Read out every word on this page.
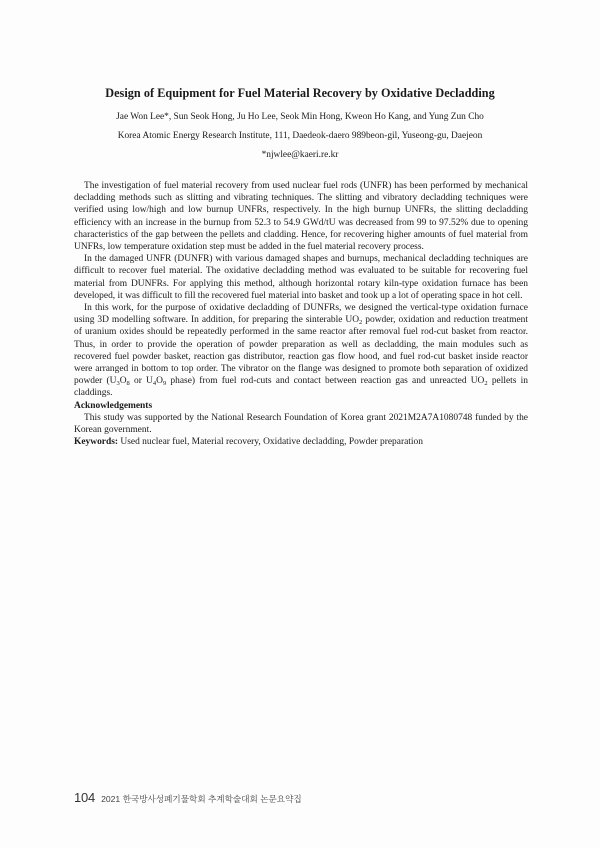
Design of Equipment for Fuel Material Recovery by Oxidative Decladding
Jae Won Lee*, Sun Seok Hong, Ju Ho Lee, Seok Min Hong, Kweon Ho Kang, and Yung Zun Cho
Korea Atomic Energy Research Institute, 111, Daedeok-daero 989beon-gil, Yuseong-gu, Daejeon
*njwlee@kaeri.re.kr

The investigation of fuel material recovery from used nuclear fuel rods (UNFR) has been performed by mechanical decladding methods such as slitting and vibrating techniques. The slitting and vibratory decladding techniques were verified using low/high and low burnup UNFRs, respectively. In the high burnup UNFRs, the slitting decladding efficiency with an increase in the burnup from 52.3 to 54.9 GWd/tU was decreased from 99 to 97.52% due to opening characteristics of the gap between the pellets and cladding. Hence, for recovering higher amounts of fuel material from UNFRs, low temperature oxidation step must be added in the fuel material recovery process.

In the damaged UNFR (DUNFR) with various damaged shapes and burnups, mechanical decladding techniques are difficult to recover fuel material. The oxidative decladding method was evaluated to be suitable for recovering fuel material from DUNFRs. For applying this method, although horizontal rotary kiln-type oxidation furnace has been developed, it was difficult to fill the recovered fuel material into basket and took up a lot of operating space in hot cell.

In this work, for the purpose of oxidative decladding of DUNFRs, we designed the vertical-type oxidation furnace using 3D modelling software. In addition, for preparing the sinterable $UO_2$ powder, oxidation and reduction treatment of uranium oxides should be repeatedly performed in the same reactor after removal fuel rod-cut basket from reactor. Thus, in order to provide the operation of powder preparation as well as decladding, the main modules such as recovered fuel powder basket, reaction gas distributor, reaction gas flow hood, and fuel rod-cut basket inside reactor were arranged in bottom to top order. The vibrator on the flange was designed to promote both separation of oxidized powder ($U_3O_8$ or $U_4O_9$ phase) from fuel rod-cuts and contact between reaction gas and unreacted $UO_2$ pellets in claddings.

Acknowledgements

This study was supported by the National Research Foundation of Korea grant 2021M2A7A1080748 funded by the Korean government.

Keywords: Used nuclear fuel, Material recovery, Oxidative decladding, Powder preparation

104 2021 한국방사성폐기물학회 추계학술대회 논문요약집
